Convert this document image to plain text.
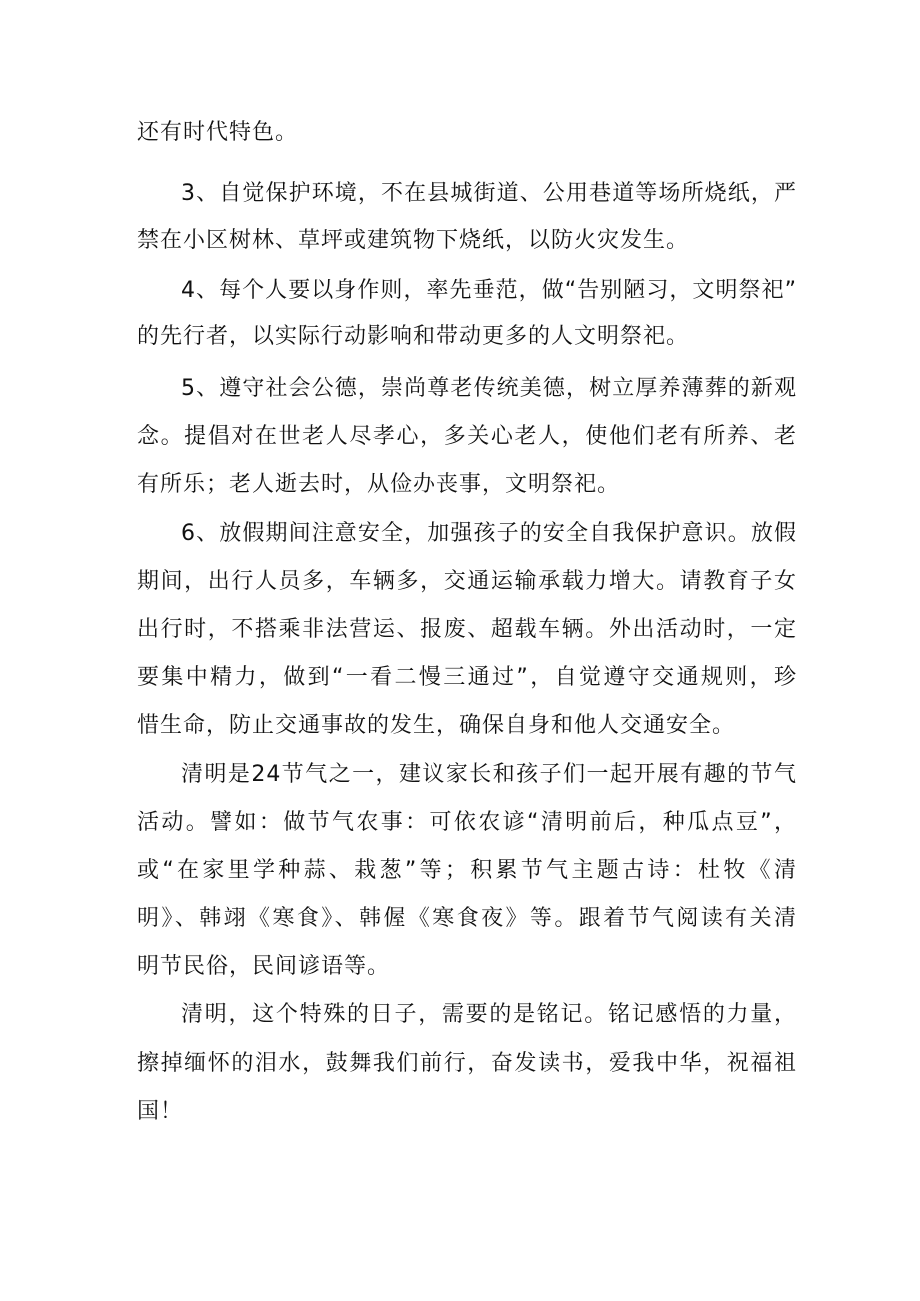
还有时代特色。
3、自觉保护环境，不在县城街道、公用巷道等场所烧纸，严
禁在小区树林、草坪或建筑物下烧纸，以防火灾发生。
4、每个人要以身作则，率先垂范，做“告别陋习，文明祭祀”
的先行者，以实际行动影响和带动更多的人文明祭祀。
5、遵守社会公德，崇尚尊老传统美德，树立厚养薄葬的新观
念。提倡对在世老人尽孝心，多关心老人，使他们老有所养、老
有所乐；老人逝去时，从俭办丧事，文明祭祀。
6、放假期间注意安全，加强孩子的安全自我保护意识。放假
期间，出行人员多，车辆多，交通运输承载力增大。请教育子女
出行时，不搭乘非法营运、报废、超载车辆。外出活动时，一定
要集中精力，做到“一看二慢三通过”，自觉遵守交通规则，珍
惜生命，防止交通事故的发生，确保自身和他人交通安全。
清明是24节气之一，建议家长和孩子们一起开展有趣的节气
活动。譬如：做节气农事：可依农谚“清明前后，种瓜点豆”，
或“在家里学种蒜、栽葱”等；积累节气主题古诗：杜牧《清
明》、韩翊《寒食》、韩偓《寒食夜》等。跟着节气阅读有关清
明节民俗，民间谚语等。
清明，这个特殊的日子，需要的是铭记。铭记感悟的力量，
擦掉缅怀的泪水，鼓舞我们前行，奋发读书，爱我中华，祝福祖
国！
